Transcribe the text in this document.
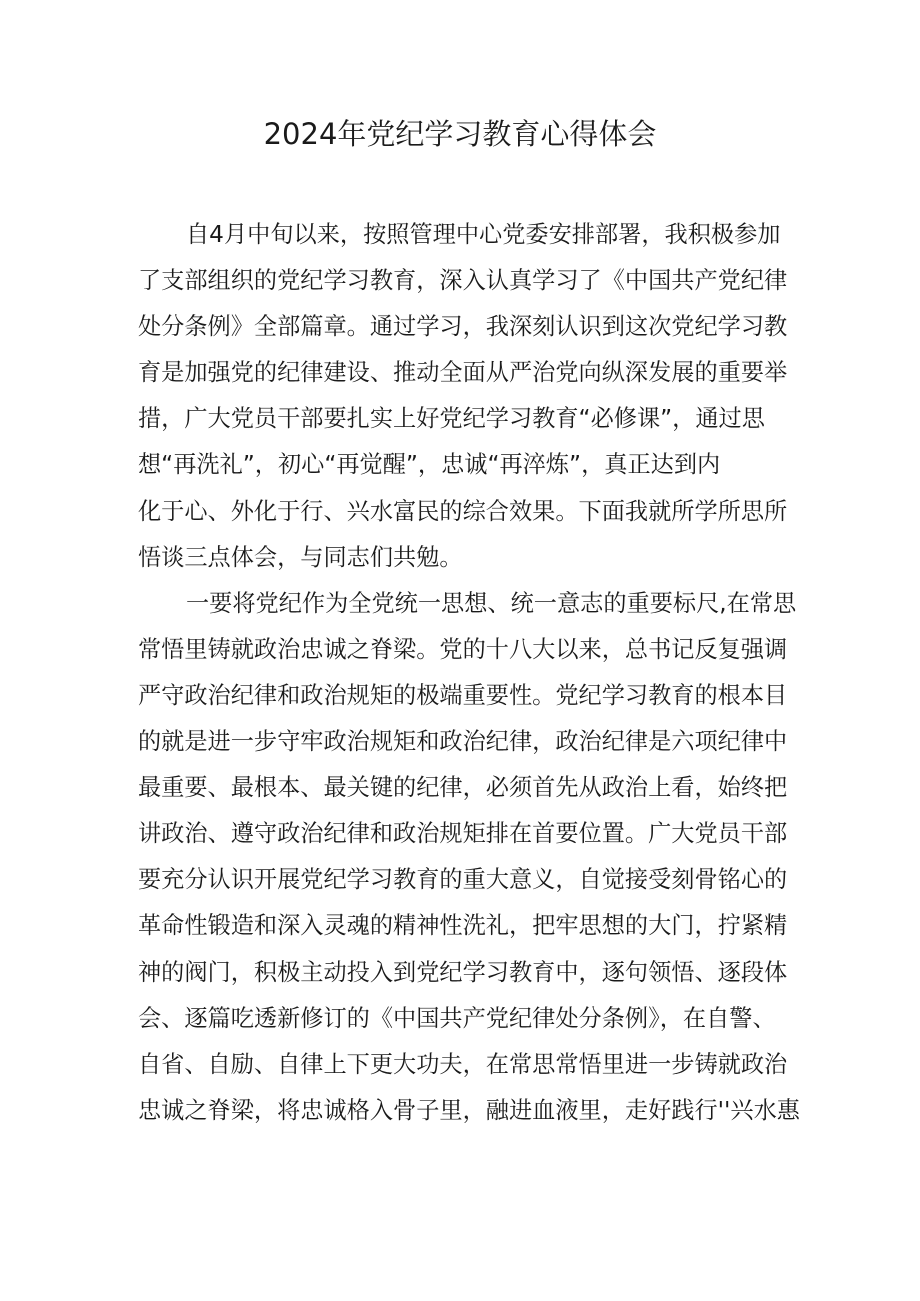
2024年党纪学习教育心得体会
自4月中旬以来，按照管理中心党委安排部署，我积极参加
了支部组织的党纪学习教育，深入认真学习了《中国共产党纪律
处分条例》全部篇章。通过学习，我深刻认识到这次党纪学习教
育是加强党的纪律建设、推动全面从严治党向纵深发展的重要举
措，广大党员干部要扎实上好党纪学习教育“必修课”，通过思
想“再洗礼”，初心“再觉醒”，忠诚“再淬炼”，真正达到内
化于心、外化于行、兴水富民的综合效果。下面我就所学所思所
悟谈三点体会，与同志们共勉。
一要将党纪作为全党统一思想、统一意志的重要标尺,在常思
常悟里铸就政治忠诚之脊梁。党的十八大以来，总书记反复强调
严守政治纪律和政治规矩的极端重要性。党纪学习教育的根本目
的就是进一步守牢政治规矩和政治纪律，政治纪律是六项纪律中
最重要、最根本、最关键的纪律，必须首先从政治上看，始终把
讲政治、遵守政治纪律和政治规矩排在首要位置。广大党员干部
要充分认识开展党纪学习教育的重大意义，自觉接受刻骨铭心的
革命性锻造和深入灵魂的精神性洗礼，把牢思想的大门，拧紧精
神的阀门，积极主动投入到党纪学习教育中，逐句领悟、逐段体
会、逐篇吃透新修订的《中国共产党纪律处分条例》，在自警、
自省、自励、自律上下更大功夫，在常思常悟里进一步铸就政治
忠诚之脊梁，将忠诚格入骨子里，融进血液里，走好践行''兴水惠
